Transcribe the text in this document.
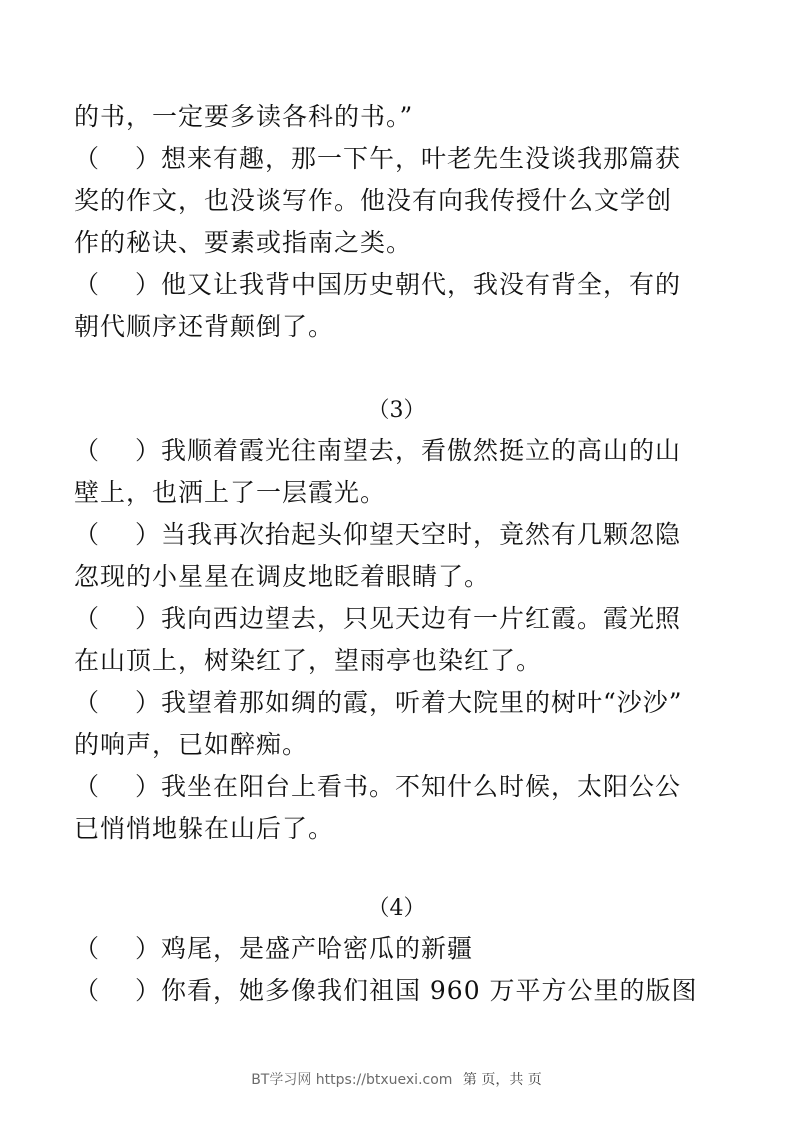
的书，一定要多读各科的书。”
（　 ）想来有趣，那一下午，叶老先生没谈我那篇获
奖的作文，也没谈写作。他没有向我传授什么文学创
作的秘诀、要素或指南之类。
（　 ）他又让我背中国历史朝代，我没有背全，有的
朝代顺序还背颠倒了。
（3）
（　 ）我顺着霞光往南望去，看傲然挺立的高山的山
壁上，也洒上了一层霞光。
（　 ）当我再次抬起头仰望天空时，竟然有几颗忽隐
忽现的小星星在调皮地眨着眼睛了。
（　 ）我向西边望去，只见天边有一片红霞。霞光照
在山顶上，树染红了，望雨亭也染红了。
（　 ）我望着那如绸的霞，听着大院里的树叶“沙沙”
的响声，已如醉痴。
（　 ）我坐在阳台上看书。不知什么时候，太阳公公
已悄悄地躲在山后了。
（4）
（　 ）鸡尾，是盛产哈密瓜的新疆
（　 ）你看，她多像我们祖国 960 万平方公里的版图
BT学习网 https://btxuexi.com 第 页，共 页
